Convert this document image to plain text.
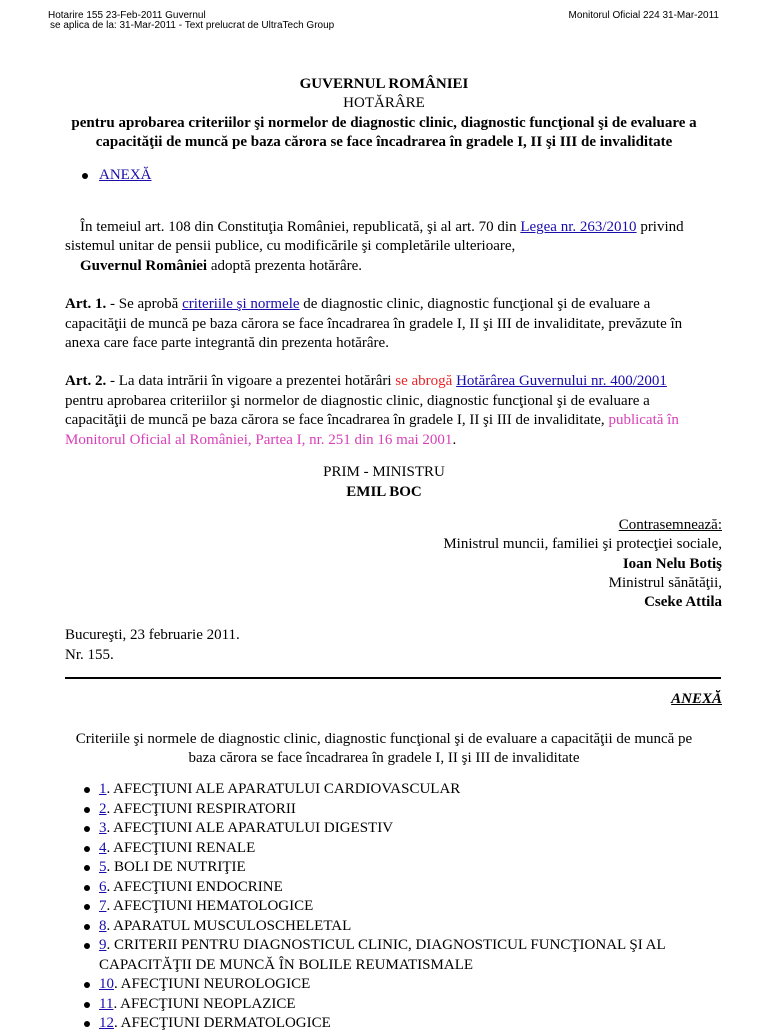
Hotarire 155 23-Feb-2011 Guvernul
se aplica de la: 31-Mar-2011 - Text prelucrat de UltraTech Group
Monitorul Oficial 224 31-Mar-2011
GUVERNUL ROMÂNIEI
HOTĂRÂRE
pentru aprobarea criteriilor şi normelor de diagnostic clinic, diagnostic funcţional şi de evaluare a
capacităţii de muncă pe baza cărora se face încadrarea în gradele I, II şi III de invaliditate
ANEXĂ
În temeiul art. 108 din Constituţia României, republicată, şi al art. 70 din Legea nr. 263/2010 privind
sistemul unitar de pensii publice, cu modificările şi completările ulterioare,
Guvernul României adoptă prezenta hotărâre.
Art. 1. - Se aprobă criteriile şi normele de diagnostic clinic, diagnostic funcţional şi de evaluare a
capacităţii de muncă pe baza cărora se face încadrarea în gradele I, II şi III de invaliditate, prevăzute în
anexa care face parte integrantă din prezenta hotărâre.
Art. 2. - La data intrării în vigoare a prezentei hotărâri se abrogă Hotărârea Guvernului nr. 400/2001
pentru aprobarea criteriilor şi normelor de diagnostic clinic, diagnostic funcţional şi de evaluare a
capacităţii de muncă pe baza cărora se face încadrarea în gradele I, II şi III de invaliditate, publicată în
Monitorul Oficial al României, Partea I, nr. 251 din 16 mai 2001.
PRIM - MINISTRU
EMIL BOC
Contrasemnează:
Ministrul muncii, familiei şi protecţiei sociale,
Ioan Nelu Botiş
Ministrul sănătăţii,
Cseke Attila
Bucureşti, 23 februarie 2011.
Nr. 155.
ANEXĂ
Criteriile şi normele de diagnostic clinic, diagnostic funcţional şi de evaluare a capacităţii de muncă pe
baza cărora se face încadrarea în gradele I, II şi III de invaliditate
1. AFECŢIUNI ALE APARATULUI CARDIOVASCULAR
2. AFECŢIUNI RESPIRATORII
3. AFECŢIUNI ALE APARATULUI DIGESTIV
4. AFECŢIUNI RENALE
5. BOLI DE NUTRIŢIE
6. AFECŢIUNI ENDOCRINE
7. AFECŢIUNI HEMATOLOGICE
8. APARATUL MUSCULOSCHELETAL
9. CRITERII PENTRU DIAGNOSTICUL CLINIC, DIAGNOSTICUL FUNCŢIONAL ŞI AL
CAPACITĂŢII DE MUNCĂ ÎN BOLILE REUMATISMALE
10. AFECŢIUNI NEUROLOGICE
11. AFECŢIUNI NEOPLAZICE
12. AFECŢIUNI DERMATOLOGICE
